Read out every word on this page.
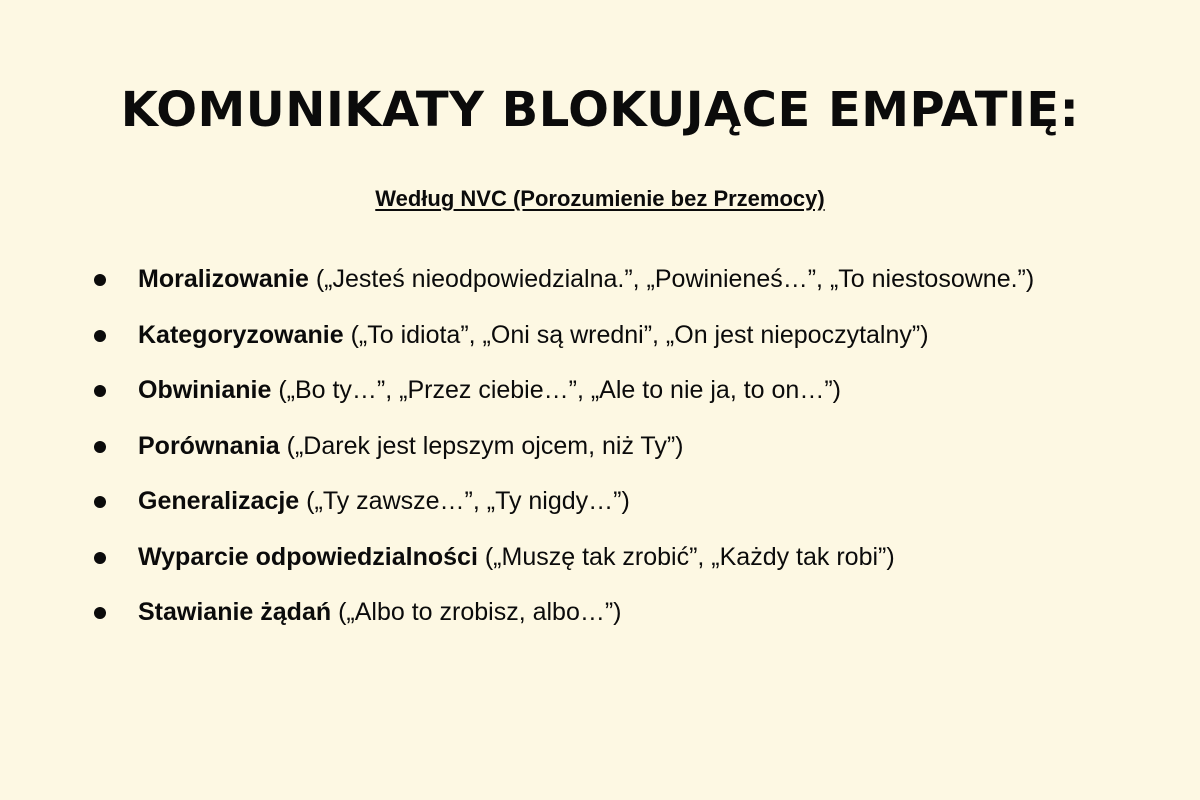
KOMUNIKATY BLOKUJĄCE EMPATIĘ:

Według NVC (Porozumienie bez Przemocy)

Moralizowanie („Jesteś nieodpowiedzialna.”, „Powinieneś…”, „To niestosowne.”)
Kategoryzowanie („To idiota”, „Oni są wredni”, „On jest niepoczytalny”)
Obwinianie („Bo ty…”, „Przez ciebie…”, „Ale to nie ja, to on…”)
Porównania („Darek jest lepszym ojcem, niż Ty”)
Generalizacje („Ty zawsze…”, „Ty nigdy…”)
Wyparcie odpowiedzialności („Muszę tak zrobić”, „Każdy tak robi”)
Stawianie żądań („Albo to zrobisz, albo…”)
